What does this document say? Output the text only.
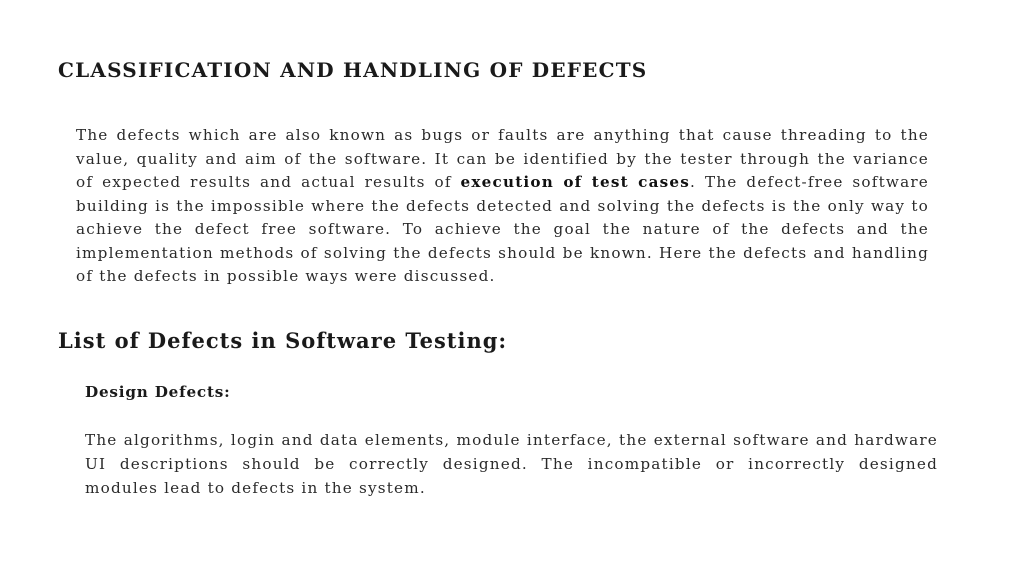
CLASSIFICATION AND HANDLING OF DEFECTS

The defects which are also known as bugs or faults are anything that cause threading to the value, quality and aim of the software. It can be identified by the tester through the variance of expected results and actual results of execution of test cases. The defect-free software building is the impossible where the defects detected and solving the defects is the only way to achieve the defect free software. To achieve the goal the nature of the defects and the implementation methods of solving the defects should be known. Here the defects and handling of the defects in possible ways were discussed.

List of Defects in Software Testing:
Design Defects:

The algorithms, login and data elements, module interface, the external software and hardware UI descriptions should be correctly designed. The incompatible or incorrectly designed modules lead to defects in the system.
